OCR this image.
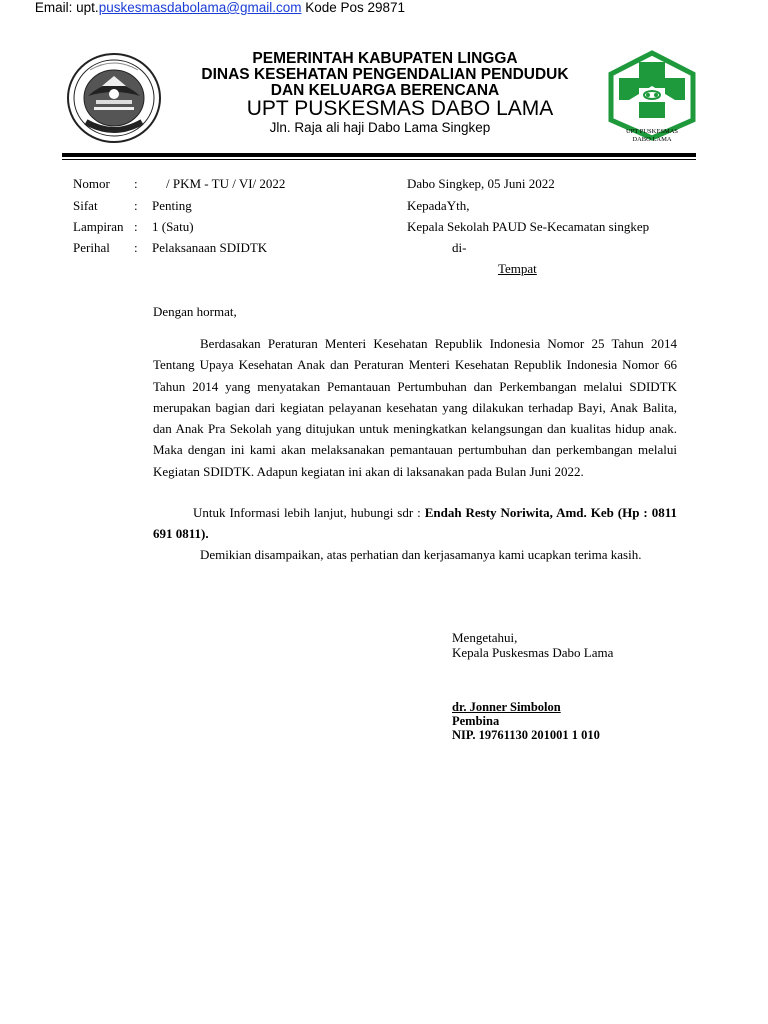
PEMERINTAH KABUPATEN LINGGA
DINAS KESEHATAN PENGENDALIAN PENDUDUK
DAN KELUARGA BERENCANA
UPT PUSKESMAS DABO LAMA
Jln. Raja ali haji Dabo Lama Singkep
Email: upt.puskesmasdabolama@gmail.com Kode Pos 29871
UPT PUSKESMAS
DABO LAMA
Nomor : / PKM - TU / VI/ 2022
Sifat	: Penting
Lampiran : 1 (Satu)
Perihal : Pelaksanaan SDIDTK
Dabo Singkep, 05 Juni 2022
KepadaYth,
Kepala Sekolah PAUD Se-Kecamatan singkep
di-
Tempat
Dengan hormat,
Berdasakan Peraturan Menteri Kesehatan Republik Indonesia Nomor 25 Tahun 2014 Tentang Upaya Kesehatan Anak dan Peraturan Menteri Kesehatan Republik Indonesia Nomor 66 Tahun 2014 yang menyatakan Pemantauan Pertumbuhan dan Perkembangan melalui SDIDTK merupakan bagian dari kegiatan pelayanan kesehatan yang dilakukan terhadap Bayi, Anak Balita, dan Anak Pra Sekolah yang ditujukan untuk meningkatkan kelangsungan dan kualitas hidup anak. Maka dengan ini kami akan melaksanakan pemantauan pertumbuhan dan perkembangan melalui Kegiatan SDIDTK. Adapun kegiatan ini akan di laksanakan pada Bulan Juni 2022.
Untuk Informasi lebih lanjut, hubungi sdr : Endah Resty Noriwita, Amd. Keb (Hp : 0811 691 0811).
Demikian disampaikan, atas perhatian dan kerjasamanya kami ucapkan terima kasih.
Mengetahui,
Kepala Puskesmas Dabo Lama
dr. Jonner Simbolon
Pembina
NIP. 19761130 201001 1 010
